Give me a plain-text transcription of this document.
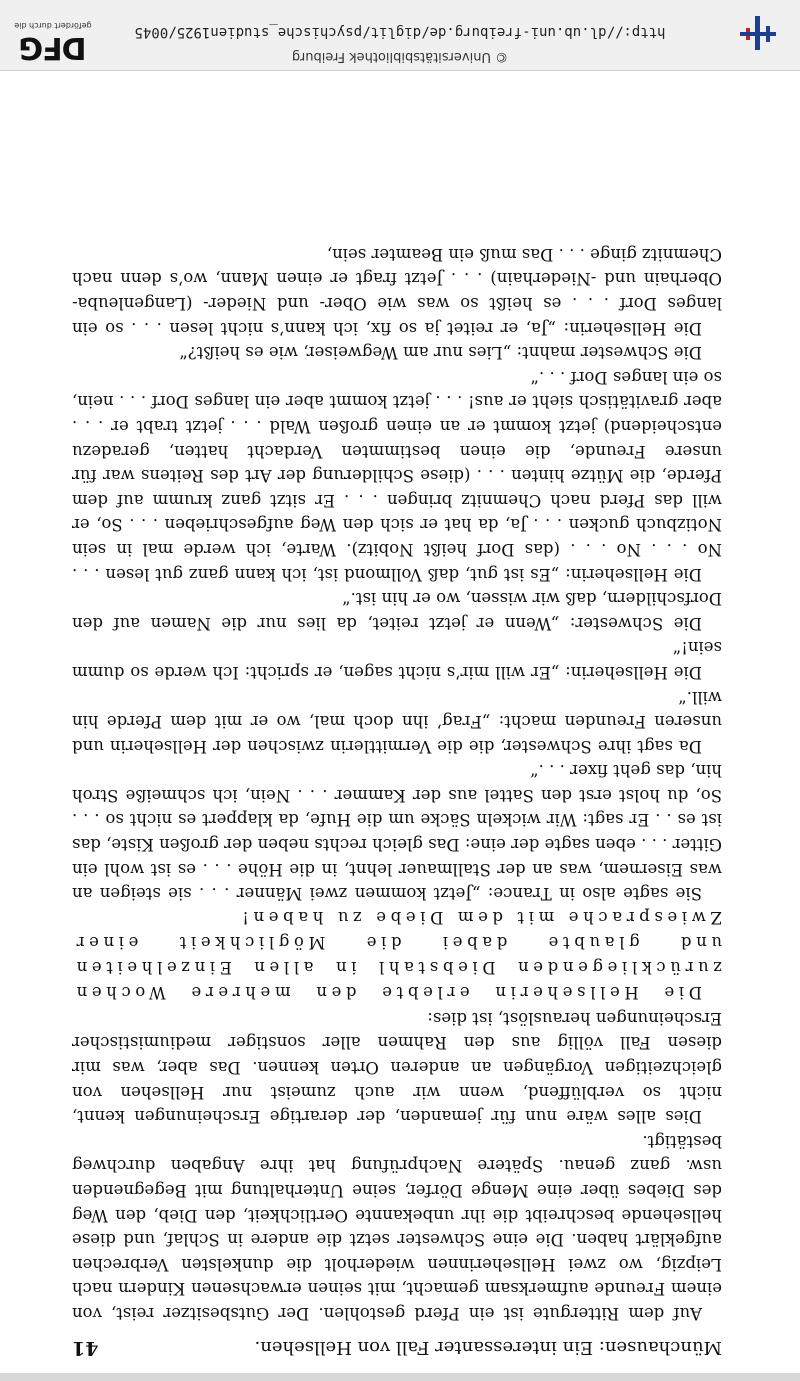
Münchausen: Ein interessanter Fall von Hellsehen.
41

Auf dem Rittergute ist ein Pferd gestohlen. Der Gutsbesitzer reist, von einem Freunde aufmerksam gemacht, mit seinen erwachsenen Kindern nach Leipzig, wo zwei Hellseherinnen wiederholt die dunkelsten Verbrechen aufgeklärt haben. Die eine Schwester setzt die andere in Schlaf, und diese hellsehende beschreibt die ihr unbekannte Oertlichkeit, den Dieb, den Weg des Diebes über eine Menge Dörfer, seine Unterhaltung mit Begegnenden usw. ganz genau. Spätere Nachprüfung hat ihre Angaben durchweg bestätigt.

Dies alles wäre nun für jemanden, der derartige Erscheinungen kennt, nicht so verblüffend, wenn wir auch zumeist nur Hellsehen von gleichzeitigen Vorgängen an anderen Orten kennen. Das aber, was mir diesen Fall völlig aus den Rahmen aller sonstiger mediumistischer Erscheinungen herauslöst, ist dies:

Die Hellseherin erlebte den mehrere Wochen zurückliegenden Diebstahl in allen Einzelheiten und glaubte dabei die Möglichkeit einer Zwiesprache mit dem Diebe zu haben!

Sie sagte also in Trance: „Jetzt kommen zwei Männer . . . sie steigen an was Eisernem, was an der Stallmauer lehnt, in die Höhe . . . es ist wohl ein Gitter . . . eben sagte der eine: Das gleich rechts neben der großen Kiste, das ist es . . Er sagt: Wir wickeln Säcke um die Hufe, da klappert es nicht so . . . So, du holst erst den Sattel aus der Kammer . . . Nein, ich schmeiße Stroh hin, das geht fixer . . .“

Da sagt ihre Schwester, die die Vermittlerin zwischen der Hellseherin und unseren Freunden macht: „Frag’ ihn doch mal, wo er mit dem Pferde hin will.“

Die Hellseherin: „Er will mir’s nicht sagen, er spricht: Ich werde so dumm sein!“

Die Schwester: „Wenn er jetzt reitet, da lies nur die Namen auf den Dorfschildern, daß wir wissen, wo er hin ist.“

Die Hellseherin: „Es ist gut, daß Vollmond ist, ich kann ganz gut lesen . . . No . . . No . . . (das Dorf heißt Nobitz). Warte, ich werde mal in sein Notizbuch gucken . . . Ja, da hat er sich den Weg aufgeschrieben . . . So, er will das Pferd nach Chemnitz bringen . . . Er sitzt ganz krumm auf dem Pferde, die Mütze hinten . . . (diese Schilderung der Art des Reitens war für unsere Freunde, die einen bestimmten Verdacht hatten, geradezu entscheidend) jetzt kommt er an einen großen Wald . . . jetzt trabt er . . . aber gravitätisch sieht er aus! . . . jetzt kommt aber ein langes Dorf . . . nein, so ein langes Dorf . . .“

Die Schwester mahnt: „Lies nur am Wegweiser, wie es heißt?“

Die Hellseherin: „Ja, er reitet ja so fix, ich kann’s nicht lesen . . . so ein langes Dorf . . . es heißt so was wie Ober- und Nieder- (Langenleuba-Oberhain und -Niederhain) . . . Jetzt fragt er einen Mann, wo’s denn nach Chemnitz ginge . . . Das muß ein Beamter sein,

© Universitätsbibliothek Freiburg
http://dl.ub.uni-freiburg.de/diglit/psychische_studien1925/0045
DFG
gefördert durch die
